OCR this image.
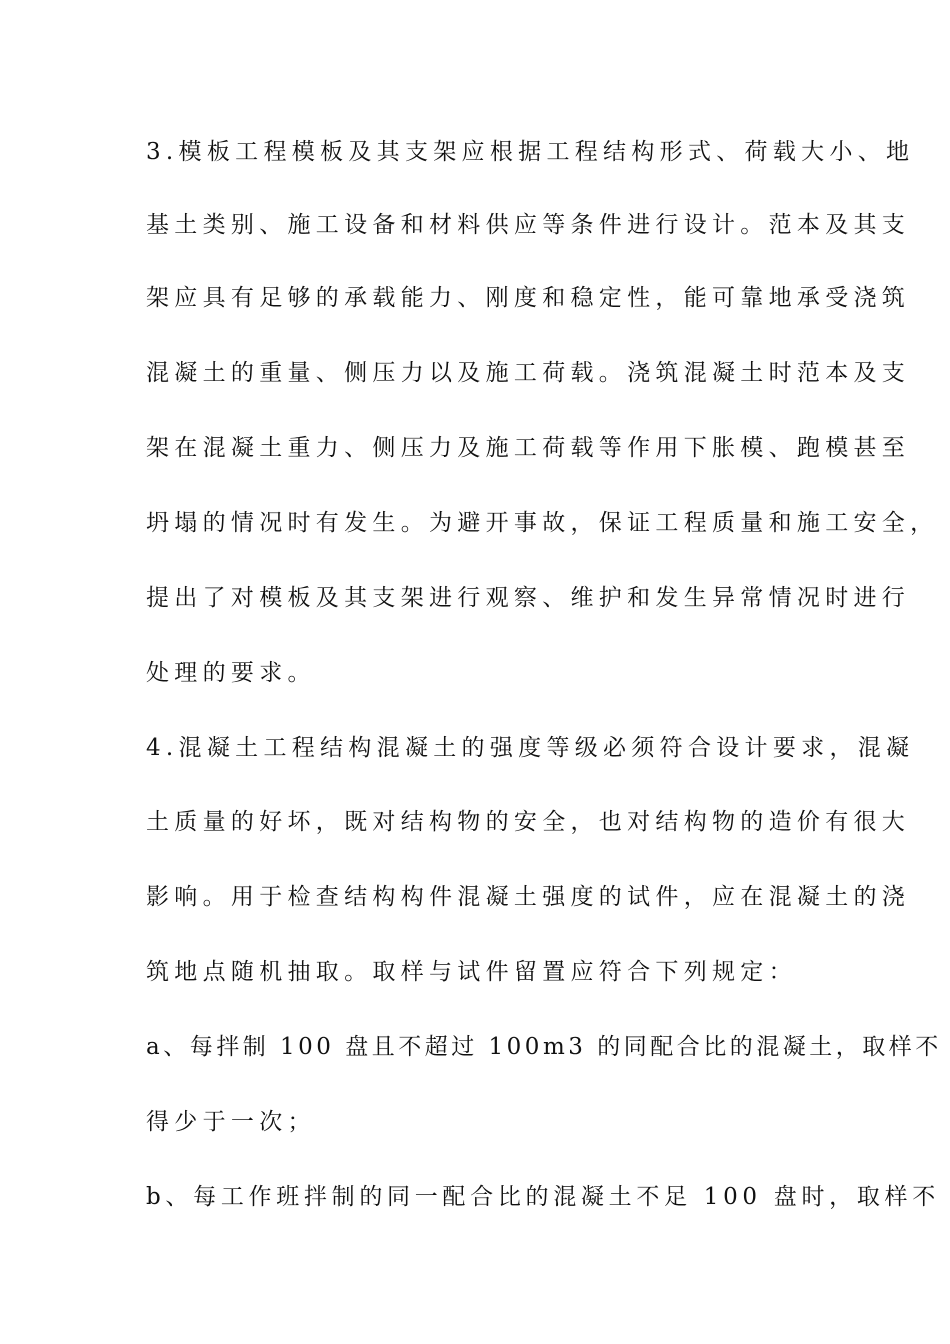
3.模板工程模板及其支架应根据工程结构形式、荷载大小、地
基土类别、施工设备和材料供应等条件进行设计。范本及其支
架应具有足够的承载能力、刚度和稳定性，能可靠地承受浇筑
混凝土的重量、侧压力以及施工荷载。浇筑混凝土时范本及支
架在混凝土重力、侧压力及施工荷载等作用下胀模、跑模甚至
坍塌的情况时有发生。为避开事故，保证工程质量和施工安全，
提出了对模板及其支架进行观察、维护和发生异常情况时进行
处理的要求。
4.混凝土工程结构混凝土的强度等级必须符合设计要求，混凝
土质量的好坏，既对结构物的安全，也对结构物的造价有很大
影响。用于检查结构构件混凝土强度的试件，应在混凝土的浇
筑地点随机抽取。取样与试件留置应符合下列规定：
a、每拌制 100 盘且不超过 100m3 的同配合比的混凝土，取样不
得少于一次；
b、每工作班拌制的同一配合比的混凝土不足 100 盘时，取样不
